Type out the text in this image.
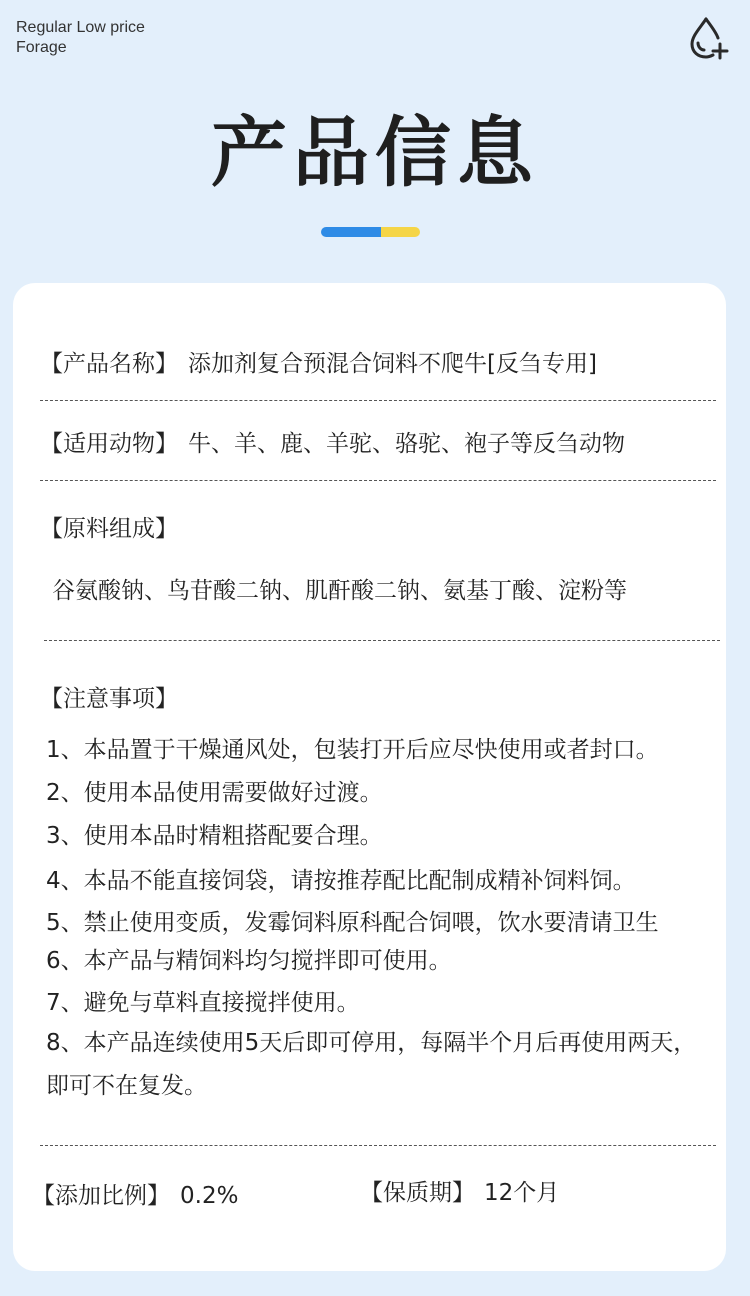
Regular Low price
Forage
产品信息
【产品名称】 添加剂复合预混合饲料不爬牛[反刍专用]
【适用动物】 牛、羊、鹿、羊驼、骆驼、袍子等反刍动物
【原料组成】
谷氨酸钠、鸟苷酸二钠、肌酐酸二钠、氨基丁酸、淀粉等
【注意事项】
1、本品置于干燥通风处，包装打开后应尽快使用或者封口。
2、使用本品使用需要做好过渡。
3、使用本品时精粗搭配要合理。
4、本品不能直接饲袋，请按推荐配比配制成精补饲料饲。
5、禁止使用变质，发霉饲料原科配合饲喂，饮水要清请卫生
6、本产品与精饲料均匀搅拌即可使用。
7、避免与草料直接搅拌使用。
8、本产品连续使用5天后即可停用，每隔半个月后再使用两天，
即可不在复发。
【添加比例】 0.2%	【保质期】 12个月
